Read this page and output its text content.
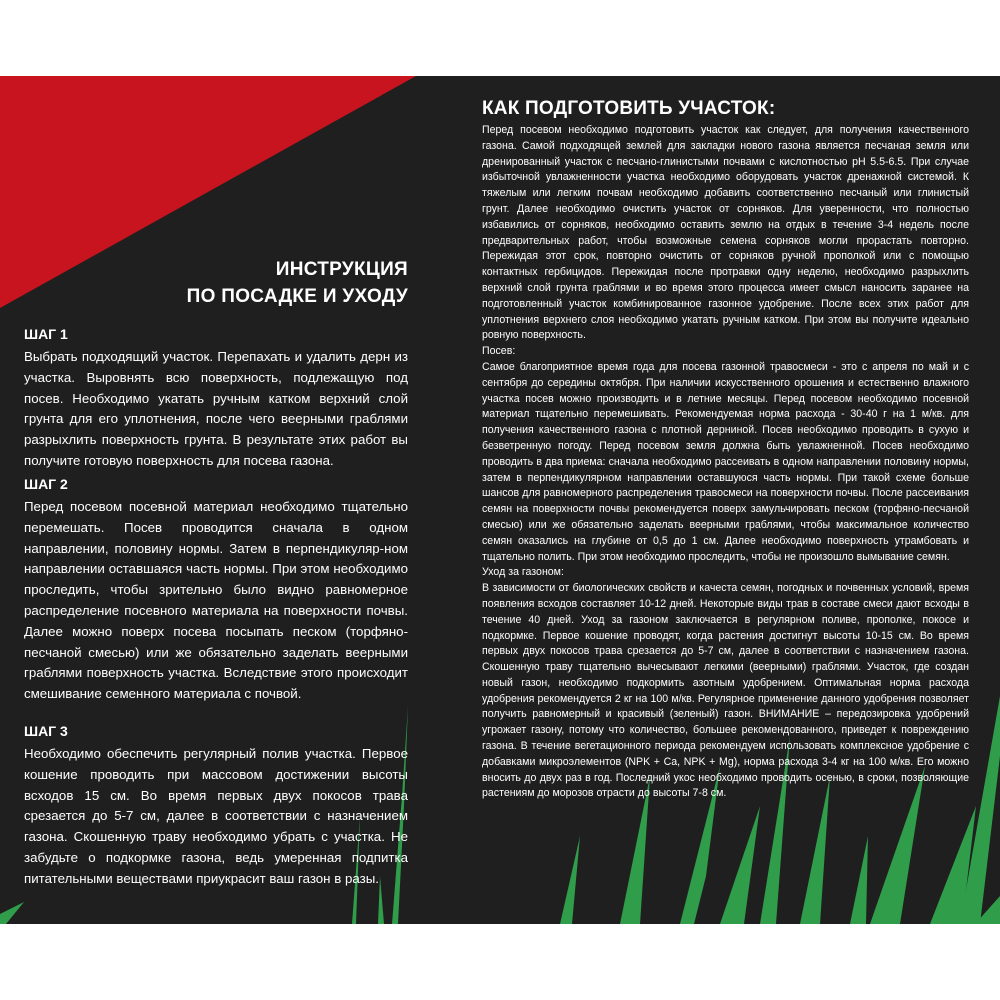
ИНСТРУКЦИЯ
ПО ПОСАДКЕ И УХОДУ
ШАГ 1

Выбрать подходящий участок. Перепахать и удалить дерн из участка. Выровнять всю поверхность, подлежащую под посев. Необходимо укатать ручным катком верхний слой грунта для его уплотнения, после чего веерными граблями разрыхлить поверхность грунта. В результате этих работ вы получите готовую поверхность для посева газона.

ШАГ 2

Перед посевом посевной материал необходимо тщательно перемешать. Посев проводится сначала в одном направлении, половину нормы. Затем в перпендикуляр-ном направлении оставшаяся часть нормы. При этом необходимо проследить, чтобы зрительно было видно равномерное распределение посевного материала на поверхности почвы. Далее можно поверх посева посыпать песком (торфяно-песчаной смесью) или же обязательно заделать веерными граблями поверхность участка. Вследствие этого происходит смешивание семенного материала с почвой.

ШАГ 3

Необходимо обеспечить регулярный полив участка. Первое кошение проводить при массовом достижении высоты всходов 15 см. Во время первых двух покосов трава срезается до 5-7 см, далее в соответствии с назначением газона. Скошенную траву необходимо убрать с участка. Не забудьте о подкормке газона, ведь умеренная подпитка питательными веществами приукрасит ваш газон в разы.

КАК ПОДГОТОВИТЬ УЧАСТОК:

Перед посевом необходимо подготовить участок как следует, для получения качественного газона. Самой подходящей землей для закладки нового газона является песчаная земля или дренированный участок с песчано-глинистыми почвами с кислотностью pH 5.5-6.5. При случае избыточной увлажненности участка необходимо оборудовать участок дренажной системой. К тяжелым или легким почвам необходимо добавить соответственно песчаный или глинистый грунт. Далее необходимо очистить участок от сорняков. Для уверенности, что полностью избавились от сорняков, необходимо оставить землю на отдых в течение 3-4 недель после предварительных работ, чтобы возможные семена сорняков могли прорастать повторно. Пережидая этот срок, повторно очистить от сорняков ручной прополкой или с помощью контактных гербицидов. Пережидая после протравки одну неделю, необходимо разрыхлить верхний слой грунта граблями и во время этого процесса имеет смысл наносить заранее на подготовленный участок комбинированное газонное удобрение. После всех этих работ для уплотнения верхнего слоя необходимо укатать ручным катком. При этом вы получите идеально ровную поверхность.

Посев:

Самое благоприятное время года для посева газонной травосмеси - это с апреля по май и с сентября до середины октября. При наличии искусственного орошения и естественно влажного участка посев можно производить и в летние месяцы. Перед посевом необходимо посевной материал тщательно перемешивать. Рекомендуемая норма расхода - 30-40 г на 1 м/кв. для получения качественного газона с плотной дерниной. Посев необходимо проводить в сухую и безветренную погоду. Перед посевом земля должна быть увлажненной. Посев необходимо проводить в два приема: сначала необходимо рассеивать в одном направлении половину нормы, затем в перпендикулярном направлении оставшуюся часть нормы. При такой схеме больше шансов для равномерного распределения травосмеси на поверхности почвы. После рассеивания семян на поверхности почвы рекомендуется поверх замульчировать песком (торфяно-песчаной смесью) или же обязательно заделать веерными граблями, чтобы максимальное количество семян оказались на глубине от 0,5 до 1 см. Далее необходимо поверхность утрамбовать и тщательно полить. При этом необходимо проследить, чтобы не произошло вымывание семян.

Уход за газоном:

В зависимости от биологических свойств и качеста семян, погодных и почвенных условий, время появления всходов составляет 10-12 дней. Некоторые виды трав в составе смеси дают всходы в течение 40 дней. Уход за газоном заключается в регулярном поливе, прополке, покосе и подкормке. Первое кошение проводят, когда растения достигнут высоты 10-15 см. Во время первых двух покосов трава срезается до 5-7 см, далее в соответствии с назначением газона. Скошенную траву тщательно вычесывают легкими (веерными) граблями. Участок, где создан новый газон, необходимо подкормить азотным удобрением. Оптимальная норма расхода удобрения рекомендуется 2 кг на 100 м/кв. Регулярное применение данного удобрения позволяет получить равномерный и красивый (зеленый) газон. ВНИМАНИЕ – передозировка удобрений угрожает газону, потому что количество, большее рекомендованного, приведет к повреждению газона. В течение вегетационного периода рекомендуем использовать комплексное удобрение с добавками микроэлементов (NPK + Ca, NPK + Mg), норма расхода 3-4 кг на 100 м/кв. Его можно вносить до двух раз в год. Последний укос необходимо проводить осенью, в сроки, позволяющие растениям до морозов отрасти до высоты 7-8 см.
